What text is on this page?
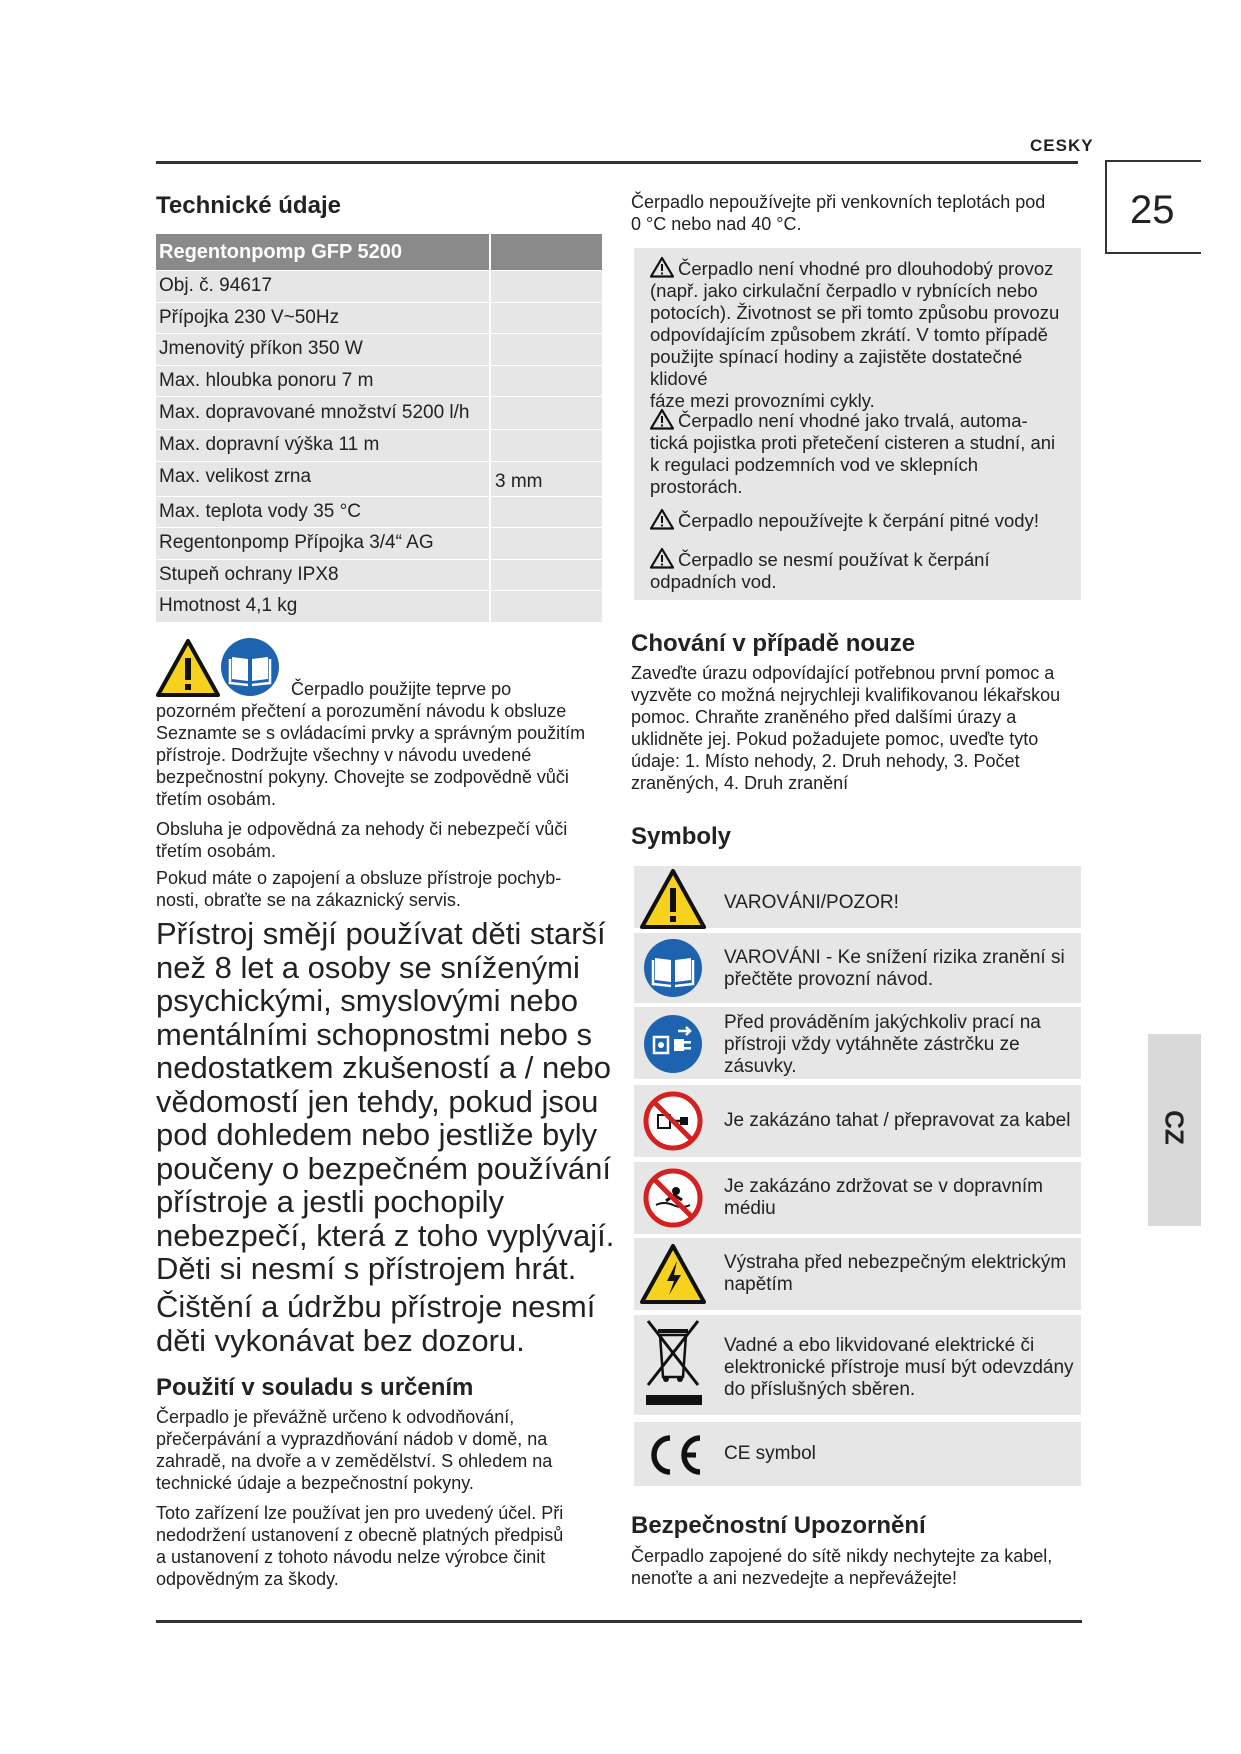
CESKY
25
CZ
Technické údaje
Regentonpomp GFP 5200
Obj. č. 94617
Přípojka 230 V~50Hz
Jmenovitý příkon 350 W
Max. hloubka ponoru 7 m
Max. dopravované množství 5200 l/h
Max. dopravní výška 11 m
Max. velikost zrna	3 mm
Max. teplota vody 35 °C
Regentonpomp Přípojka 3/4“ AG
Stupeň ochrany IPX8
Hmotnost 4,1 kg
Čerpadlo použijte teprve po
pozorném přečtení a porozumění návodu k obsluze
Seznamte se s ovládacími prvky a správným použitím
přístroje. Dodržujte všechny v návodu uvedené
bezpečnostní pokyny. Chovejte se zodpovědně vůči
třetím osobám.
Obsluha je odpovědná za nehody či nebezpečí vůči
třetím osobám.
Pokud máte o zapojení a obsluze přístroje pochyb-
nosti, obraťte se na zákaznický servis.
Přístroj smějí používat děti starší
než 8 let a osoby se sníženými
psychickými, smyslovými nebo
mentálními schopnostmi nebo s
nedostatkem zkušeností a / nebo
vědomostí jen tehdy, pokud jsou
pod dohledem nebo jestliže byly
poučeny o bezpečném používání
přístroje a jestli pochopily
nebezpečí, která z toho vyplývají.
Děti si nesmí s přístrojem hrát.
Čištění a údržbu přístroje nesmí
děti vykonávat bez dozoru.
Použití v souladu s určením
Čerpadlo je převážně určeno k odvodňování,
přečerpávání a vyprazdňování nádob v domě, na
zahradě, na dvoře a v zemědělství. S ohledem na
technické údaje a bezpečnostní pokyny.
Toto zařízení lze používat jen pro uvedený účel. Při
nedodržení ustanovení z obecně platných předpisů
a ustanovení z tohoto návodu nelze výrobce činit
odpovědným za škody.
Čerpadlo nepoužívejte při venkovních teplotách pod
0 °C nebo nad 40 °C.
Čerpadlo není vhodné pro dlouhodobý provoz
(např. jako cirkulační čerpadlo v rybnících nebo
potocích). Životnost se při tomto způsobu provozu
odpovídajícím způsobem zkrátí. V tomto případě
použijte spínací hodiny a zajistěte dostatečné klidové
fáze mezi provozními cykly.
Čerpadlo není vhodné jako trvalá, automa-
tická pojistka proti přetečení cisteren a studní, ani
k regulaci podzemních vod ve sklepních
prostorách.
Čerpadlo nepoužívejte k čerpání pitné vody!
Čerpadlo se nesmí používat k čerpání
odpadních vod.
Chování v případě nouze
Zaveďte úrazu odpovídající potřebnou první pomoc a
vyzvěte co možná nejrychleji kvalifikovanou lékařskou
pomoc. Chraňte zraněného před dalšími úrazy a
uklidněte jej. Pokud požadujete pomoc, uveďte tyto
údaje: 1. Místo nehody, 2. Druh nehody, 3. Počet
zraněných, 4. Druh zranění
Symboly
VAROVÁNI/POZOR!
VAROVÁNI - Ke snížení rizika zranění si
přečtěte provozní návod.
Před prováděním jakýchkoliv prací na
přístroji vždy vytáhněte zástrčku ze
zásuvky.
Je zakázáno tahat / přepravovat za kabel
Je zakázáno zdržovat se v dopravním
médiu
Výstraha před nebezpečným elektrickým
napětím
Vadné a ebo likvidované elektrické či
elektronické přístroje musí být odevzdány
do příslušných sběren.
CE symbol
Bezpečnostní Upozornění
Čerpadlo zapojené do sítě nikdy nechytejte za kabel,
nenoťte a ani nezvedejte a nepřevážejte!
